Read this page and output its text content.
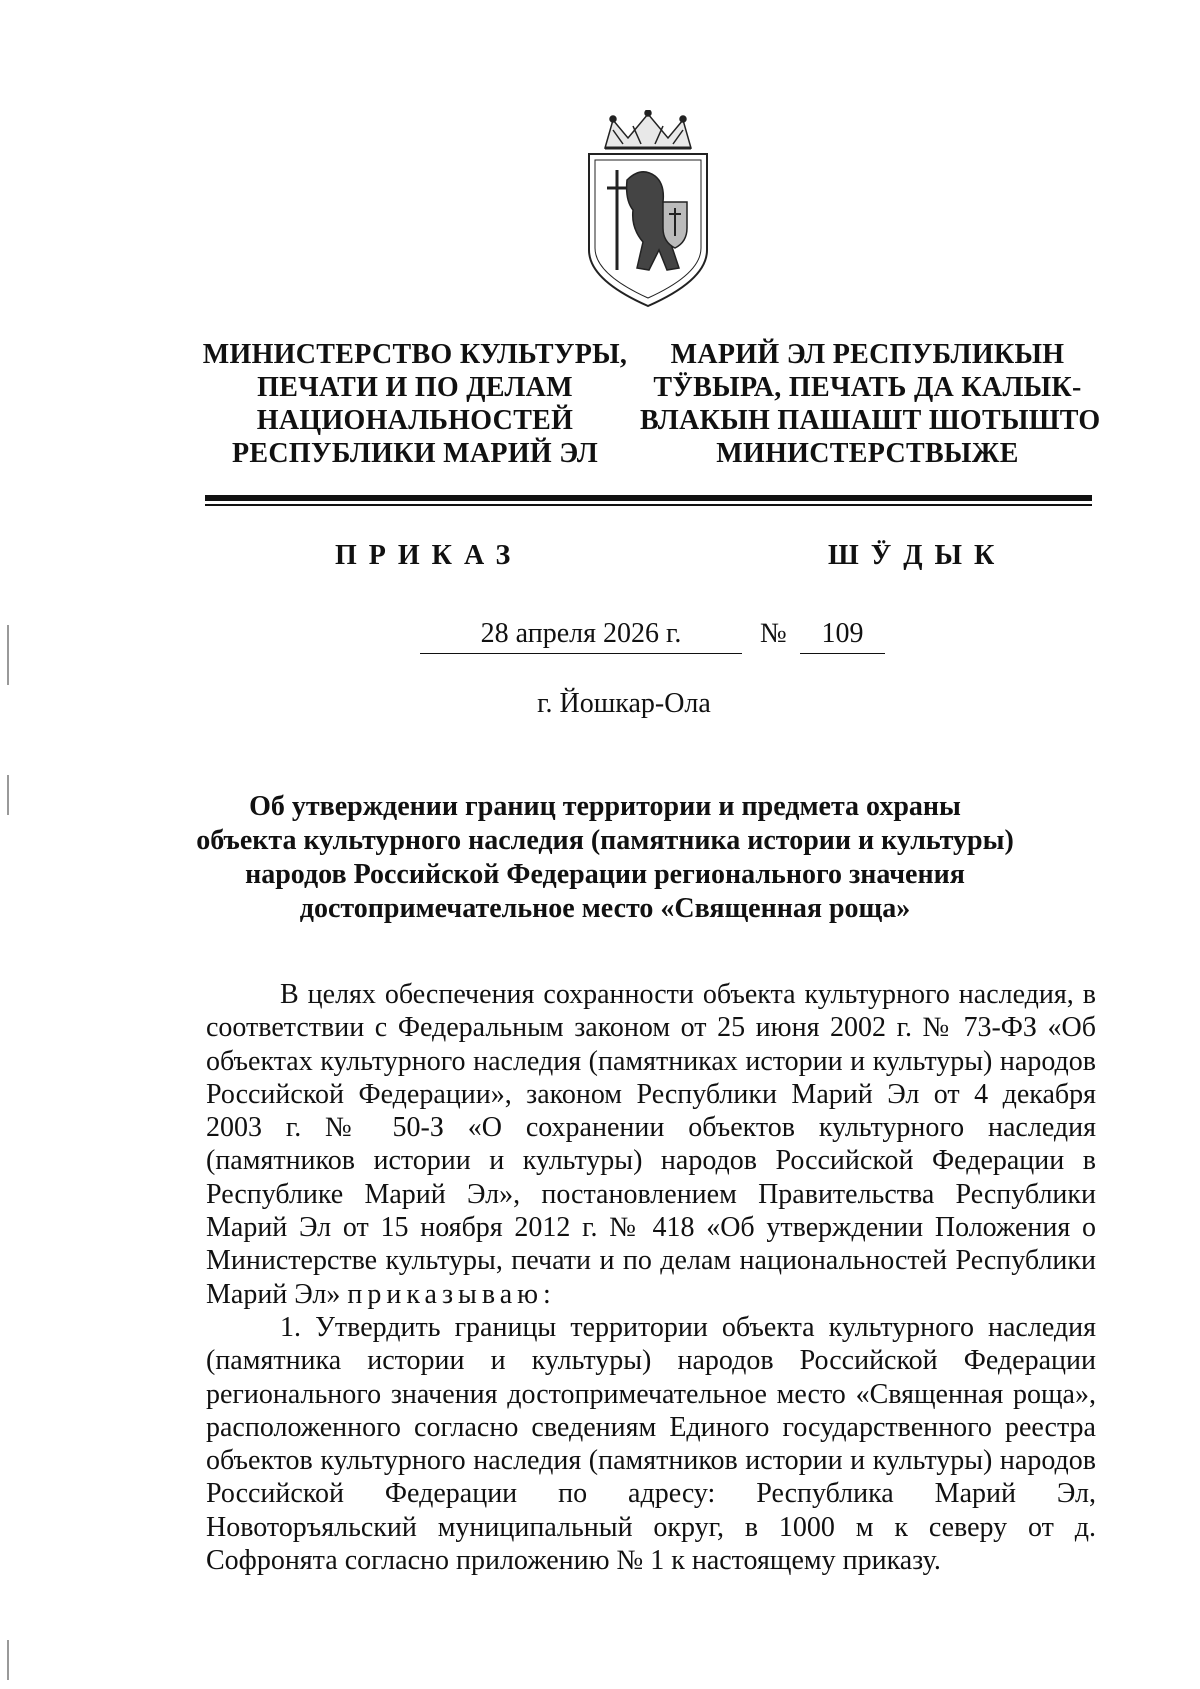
МИНИСТЕРСТВО КУЛЬТУРЫ,
ПЕЧАТИ И ПО ДЕЛАМ
НАЦИОНАЛЬНОСТЕЙ
РЕСПУБЛИКИ МАРИЙ ЭЛ
МАРИЙ ЭЛ РЕСПУБЛИКЫН
ТӰВЫРА, ПЕЧАТЬ ДА КАЛЫК-
ВЛАКЫН ПАШАШТ ШОТЫШТО
МИНИСТЕРСТВЫЖЕ
ПРИКАЗ	ШӰДЫК
28 апреля 2026 г.	№	109
г. Йошкар-Ола
Об утверждении границ территории и предмета охраны
объекта культурного наследия (памятника истории и культуры)
народов Российской Федерации регионального значения
достопримечательное место «Священная роща»

В целях обеспечения сохранности объекта культурного наследия, в соответствии с Федеральным законом от 25 июня 2002 г. № 73-ФЗ «Об объектах культурного наследия (памятниках истории и культуры) народов Российской Федерации», законом Республики Марий Эл от 4 декабря 2003 г. № 50-З «О сохранении объектов культурного наследия (памятников истории и культуры) народов Российской Федерации в Республике Марий Эл», постановлением Правительства Республики Марий Эл от 15 ноября 2012 г. № 418 «Об утверждении Положения о Министерстве культуры, печати и по делам национальностей Республики Марий Эл» приказываю:

1. Утвердить границы территории объекта культурного наследия (памятника истории и культуры) народов Российской Федерации регионального значения достопримечательное место «Священная роща», расположенного согласно сведениям Единого государственного реестра объектов культурного наследия (памятников истории и культуры) народов Российской Федерации по адресу: Республика Марий Эл, Новоторъяльский муниципальный округ, в 1000 м к северу от д. Софронята согласно приложению № 1 к настоящему приказу.
